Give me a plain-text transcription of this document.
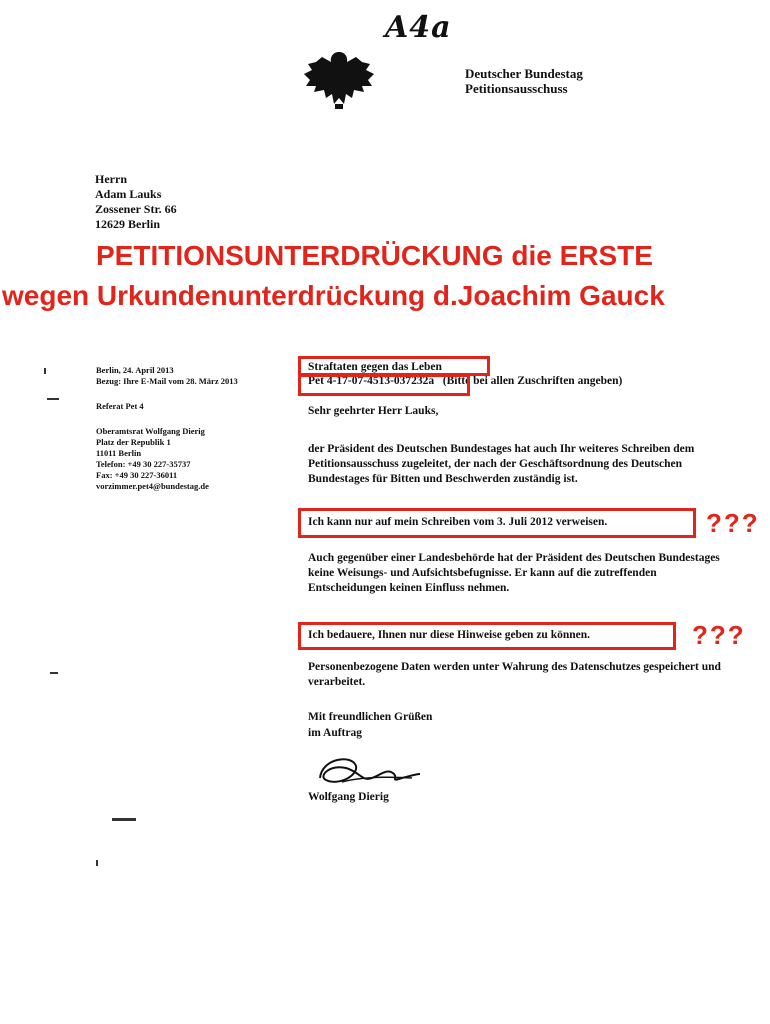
A4a
Deutscher Bundestag
Petitionsausschuss
Herrn
Adam Lauks
Zossener Str. 66
12629 Berlin
PETITIONSUNTERDRÜCKUNG die ERSTE
wegen Urkundenunterdrückung d.Joachim Gauck
Berlin, 24. April 2013
Bezug: Ihre E-Mail vom 28. März 2013
Referat Pet 4
Oberamtsrat Wolfgang Dierig
Platz der Republik 1
11011 Berlin
Telefon: +49 30 227-35737
Fax: +49 30 227-36011
vorzimmer.pet4@bundestag.de
Straftaten gegen das Leben
Pet 4-17-07-4513-037232a (Bitte bei allen Zuschriften angeben)
Sehr geehrter Herr Lauks,
der Präsident des Deutschen Bundestages hat auch Ihr weiteres Schreiben dem Petitionsausschuss zugeleitet, der nach der Geschäftsordnung des Deutschen Bundestages für Bitten und Beschwerden zuständig ist.
Ich kann nur auf mein Schreiben vom 3. Juli 2012 verweisen.	???
Auch gegenüber einer Landesbehörde hat der Präsident des Deutschen Bundestages keine Weisungs- und Aufsichtsbefugnisse. Er kann auf die zutreffenden Entscheidungen keinen Einfluss nehmen.
Ich bedauere, Ihnen nur diese Hinweise geben zu können.	???
Personenbezogene Daten werden unter Wahrung des Datenschutzes gespeichert und verarbeitet.
Mit freundlichen Grüßen
im Auftrag
Wolfgang Dierig
